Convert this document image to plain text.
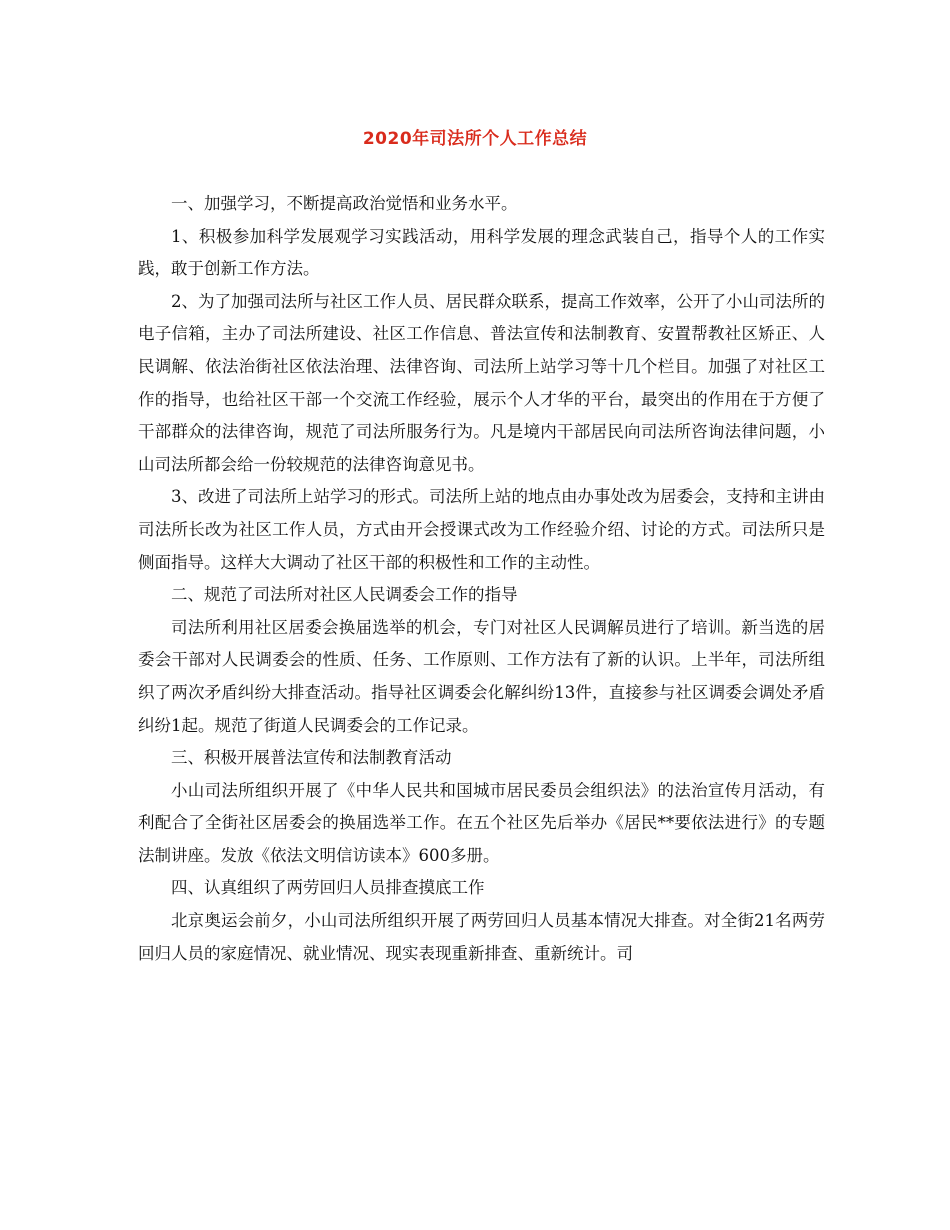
2020年司法所个人工作总结

一、加强学习，不断提高政治觉悟和业务水平。

1、积极参加科学发展观学习实践活动，用科学发展的理念武装自己，指导个人的工作实践，敢于创新工作方法。

2、为了加强司法所与社区工作人员、居民群众联系，提高工作效率，公开了小山司法所的电子信箱，主办了司法所建设、社区工作信息、普法宣传和法制教育、安置帮教社区矫正、人民调解、依法治街社区依法治理、法律咨询、司法所上站学习等十几个栏目。加强了对社区工作的指导，也给社区干部一个交流工作经验，展示个人才华的平台，最突出的作用在于方便了干部群众的法律咨询，规范了司法所服务行为。凡是境内干部居民向司法所咨询法律问题，小山司法所都会给一份较规范的法律咨询意见书。

3、改进了司法所上站学习的形式。司法所上站的地点由办事处改为居委会，支持和主讲由司法所长改为社区工作人员，方式由开会授课式改为工作经验介绍、讨论的方式。司法所只是侧面指导。这样大大调动了社区干部的积极性和工作的主动性。

二、规范了司法所对社区人民调委会工作的指导

司法所利用社区居委会换届选举的机会，专门对社区人民调解员进行了培训。新当选的居委会干部对人民调委会的性质、任务、工作原则、工作方法有了新的认识。上半年，司法所组织了两次矛盾纠纷大排查活动。指导社区调委会化解纠纷13件，直接参与社区调委会调处矛盾纠纷1起。规范了街道人民调委会的工作记录。

三、积极开展普法宣传和法制教育活动

小山司法所组织开展了《中华人民共和国城市居民委员会组织法》的法治宣传月活动，有利配合了全街社区居委会的换届选举工作。在五个社区先后举办《居民**要依法进行》的专题法制讲座。发放《依法文明信访读本》600多册。

四、认真组织了两劳回归人员排查摸底工作

北京奥运会前夕，小山司法所组织开展了两劳回归人员基本情况大排查。对全街21名两劳回归人员的家庭情况、就业情况、现实表现重新排查、重新统计。司
